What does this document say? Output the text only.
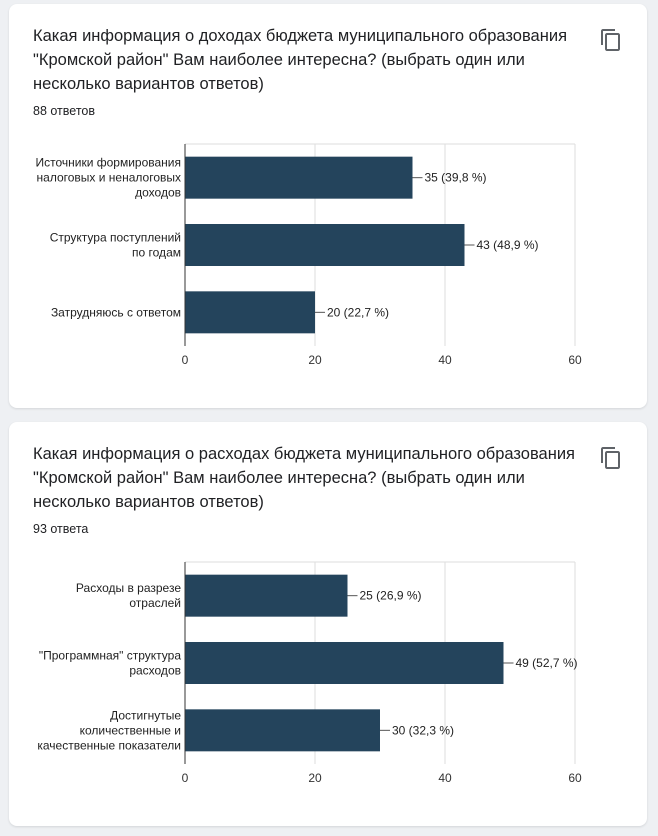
Какая информация о доходах бюджета муниципального образования "Кромской район" Вам наиболее интересна? (выбрать один или несколько вариантов ответов)
88 ответов
0	20	40	60
35 (39,8 %)
Источники формирования налоговых и неналоговых доходов
43 (48,9 %)
Структура поступлений по годам
20 (22,7 %)
Затрудняюсь с ответом
Какая информация о расходах бюджета муниципального образования "Кромской район" Вам наиболее интересна? (выбрать один или несколько вариантов ответов)
93 ответа
0	20	40	60
25 (26,9 %)
Расходы в разрезе отраслей
49 (52,7 %)
"Программная" структура расходов
30 (32,3 %)
Достигнутые количественные и качественные показатели
